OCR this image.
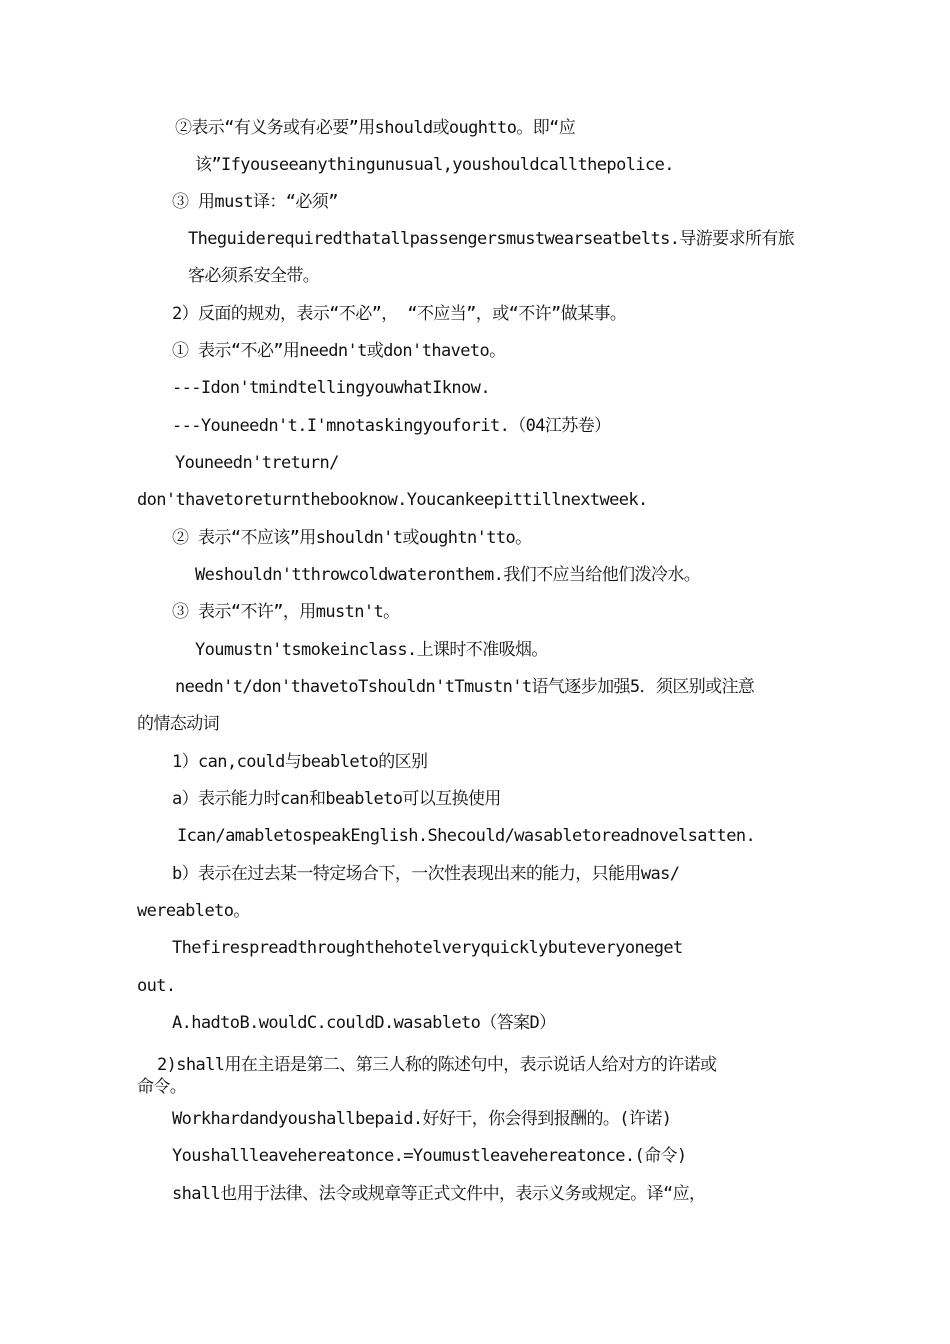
②表示“有义务或有必要”用should或oughtto。即“应
该”Ifyouseeanythingunusual,youshouldcallthepolice.
③ 用must译：“必须”
Theguiderequiredthatallpassengersmustwearseatbelts.导游要求所有旅
客必须系安全带。
2）反面的规劝，表示“不必”， “不应当”，或“不许”做某事。
① 表示“不必”用needn't或don'thaveto。
---Idon'tmindtellingyouwhatIknow.
---Youneedn't.I'mnotaskingyouforit.（04江苏卷）
Youneedn'treturn/
don'thavetoreturnthebooknow.Youcankeepittillnextweek.
② 表示“不应该”用shouldn't或oughtn'tto。
Weshouldn'tthrowcoldwateronthem.我们不应当给他们泼冷水。
③ 表示“不许”，用mustn't。
Youmustn'tsmokeinclass.上课时不准吸烟。
needn't/don'thavetoTshouldn'tTmustn't语气逐步加强5．须区别或注意
的情态动词
1）can,could与beableto的区别
a）表示能力时can和beableto可以互换使用
Ican/amabletospeakEnglish.Shecould/wasabletoreadnovelsatten.
b）表示在过去某一特定场合下，一次性表现出来的能力，只能用was/
wereableto。
Thefirespreadthroughthehotelveryquicklybuteveryoneget
out.
A.hadtoB.wouldC.couldD.wasableto（答案D）
2)shall用在主语是第二、第三人称的陈述句中，表示说话人给对方的许诺或
命令。
Workhardandyoushallbepaid.好好干，你会得到报酬的。(许诺)
Youshallleavehereatonce.=Youmustleavehereatonce.(命令)
shall也用于法律、法令或规章等正式文件中，表示义务或规定。译“应，
